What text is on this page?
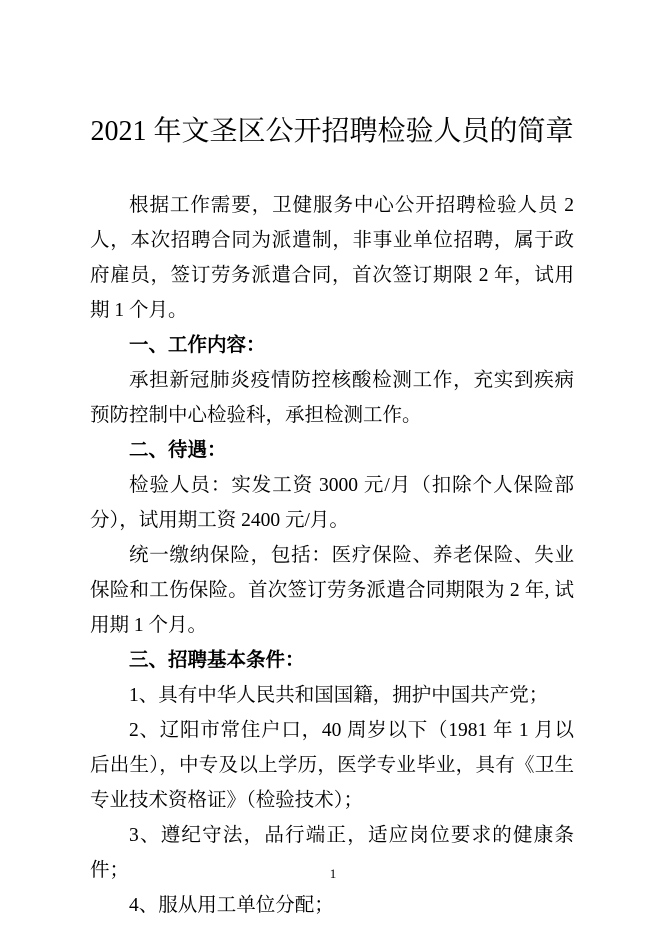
2021 年文圣区公开招聘检验人员的简章

根据工作需要，卫健服务中心公开招聘检验人员 2 人，本次招聘合同为派遣制，非事业单位招聘，属于政府雇员，签订劳务派遣合同，首次签订期限 2 年，试用期 1 个月。

一、工作内容：

承担新冠肺炎疫情防控核酸检测工作，充实到疾病预防控制中心检验科，承担检测工作。

二、待遇：

检验人员：实发工资 3000 元/月（扣除个人保险部分），试用期工资 2400 元/月。

统一缴纳保险，包括：医疗保险、养老保险、失业保险和工伤保险。首次签订劳务派遣合同期限为 2 年, 试用期 1 个月。

三、招聘基本条件：

1、具有中华人民共和国国籍，拥护中国共产党；

2、辽阳市常住户口，40 周岁以下（1981 年 1 月以后出生），中专及以上学历，医学专业毕业，具有《卫生专业技术资格证》（检验技术）；

3、遵纪守法，品行端正，适应岗位要求的健康条件；

4、服从用工单位分配；

1
